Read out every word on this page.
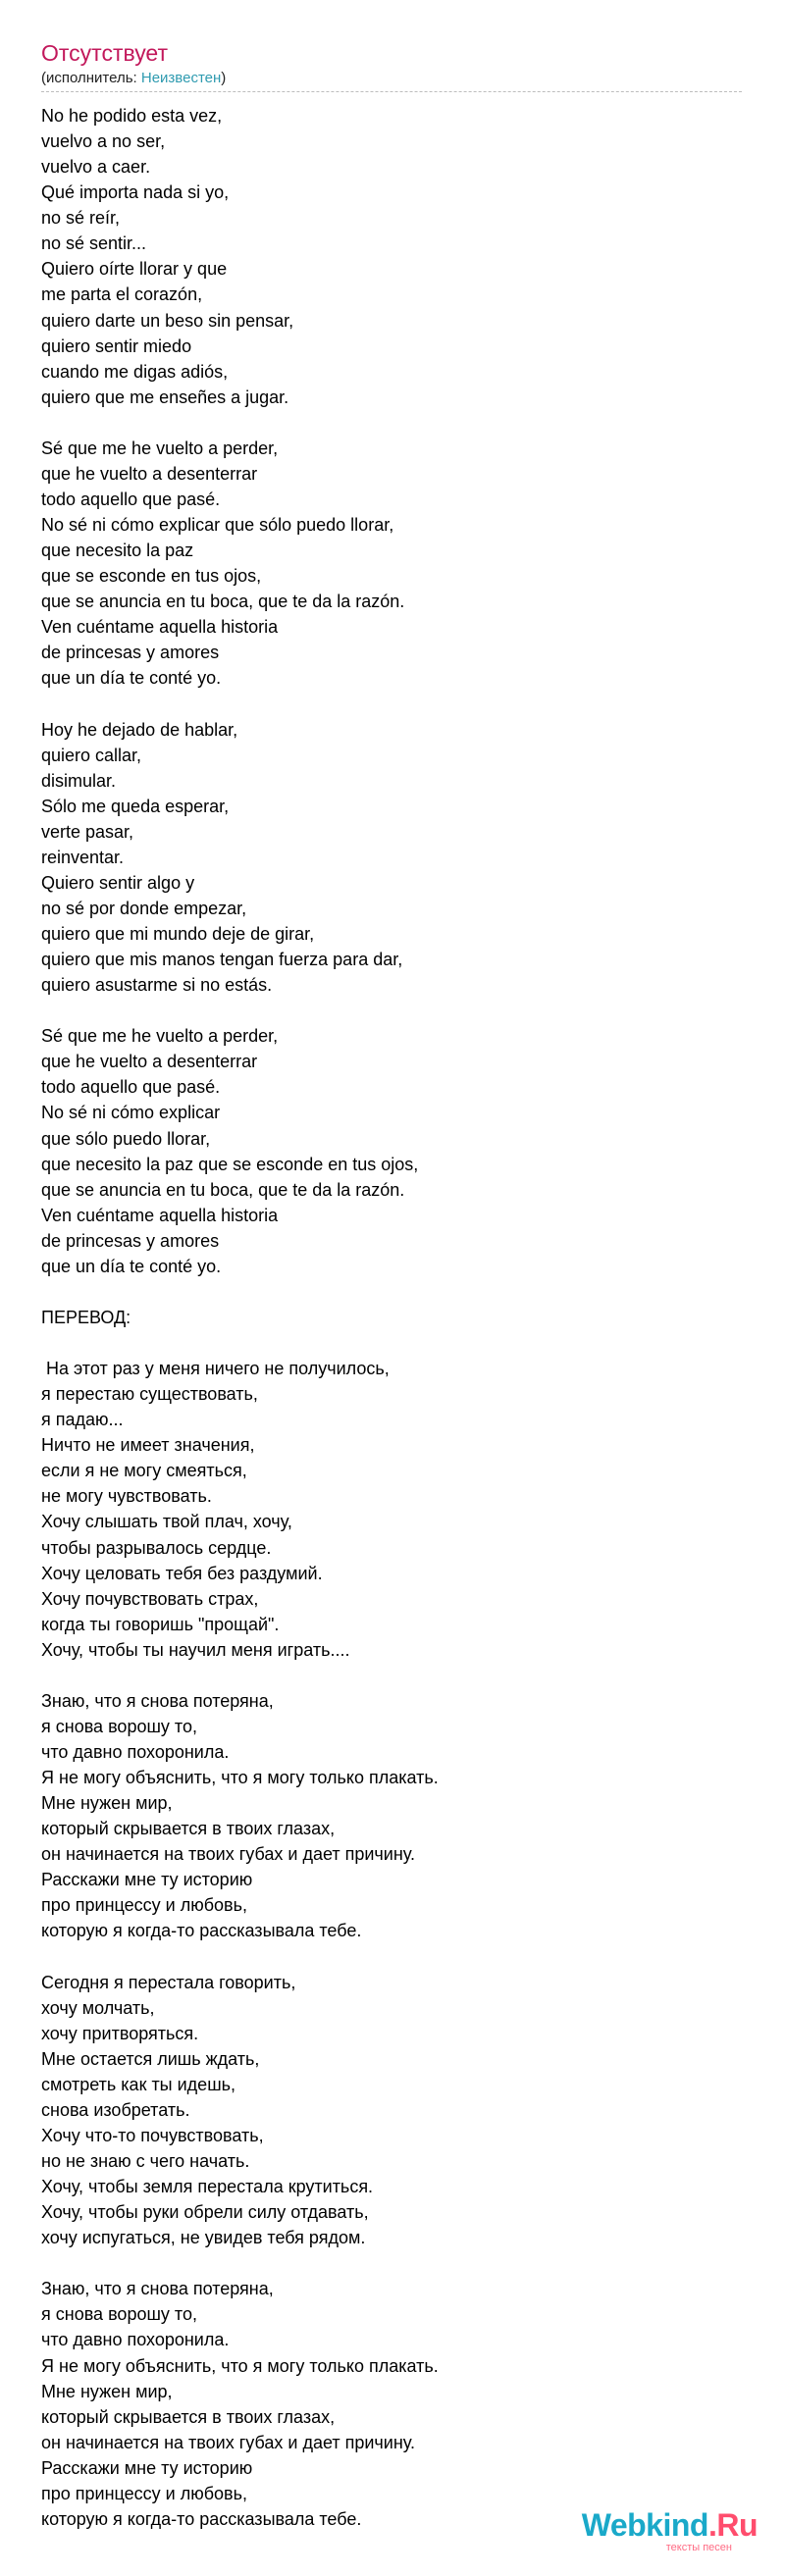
Отсутствует
(исполнитель: Неизвестен)
No he podido esta vez,
vuelvo a no ser,
vuelvo a caer.
Qué importa nada si yo,
no sé reír,
no sé sentir...
Quiero oírte llorar y que
me parta el corazón,
quiero darte un beso sin pensar,
quiero sentir miedo
cuando me digas adiós,
quiero que me enseñes a jugar.

Sé que me he vuelto a perder,
que he vuelto a desenterrar
todo aquello que pasé.
No sé ni cómo explicar que sólo puedo llorar,
que necesito la paz
que se esconde en tus ojos,
que se anuncia en tu boca, que te da la razón.
Ven cuéntame aquella historia
de princesas y amores
que un día te conté yo.

Hoy he dejado de hablar,
quiero callar,
disimular.
Sólo me queda esperar,
verte pasar,
reinventar.
Quiero sentir algo y
no sé por donde empezar,
quiero que mi mundo deje de girar,
quiero que mis manos tengan fuerza para dar,
quiero asustarme si no estás.

Sé que me he vuelto a perder,
que he vuelto a desenterrar
todo aquello que pasé.
No sé ni cómo explicar
que sólo puedo llorar,
que necesito la paz que se esconde en tus ojos,
que se anuncia en tu boca, que te da la razón.
Ven cuéntame aquella historia
de princesas y amores
que un día te conté yo.

ПЕРЕВОД:

На этот раз у меня ничего не получилось,
я перестаю существовать,
я падаю...
Ничто не имеет значения,
если я не могу смеяться,
не могу чувствовать.
Хочу слышать твой плач, хочу,
чтобы разрывалось сердце.
Хочу целовать тебя без раздумий.
Хочу почувствовать страх,
когда ты говоришь "прощай".
Хочу, чтобы ты научил меня играть....

Знаю, что я снова потеряна,
я снова ворошу то,
что давно похоронила.
Я не могу объяснить, что я могу только плакать.
Мне нужен мир,
который скрывается в твоих глазах,
он начинается на твоих губах и дает причину.
Расскажи мне ту историю
про принцессу и любовь,
которую я когда-то рассказывала тебе.

Сегодня я перестала говорить,
хочу молчать,
хочу притворяться.
Мне остается лишь ждать,
смотреть как ты идешь,
снова изобретать.
Хочу что-то почувствовать,
но не знаю с чего начать.
Хочу, чтобы земля перестала крутиться.
Хочу, чтобы руки обрели силу отдавать,
хочу испугаться, не увидев тебя рядом.

Знаю, что я снова потеряна,
я снова ворошу то,
что давно похоронила.
Я не могу объяснить, что я могу только плакать.
Мне нужен мир,
который скрывается в твоих глазах,
он начинается на твоих губах и дает причину.
Расскажи мне ту историю
про принцессу и любовь,
которую я когда-то рассказывала тебе.	Webkind.Ru
тексты песен
